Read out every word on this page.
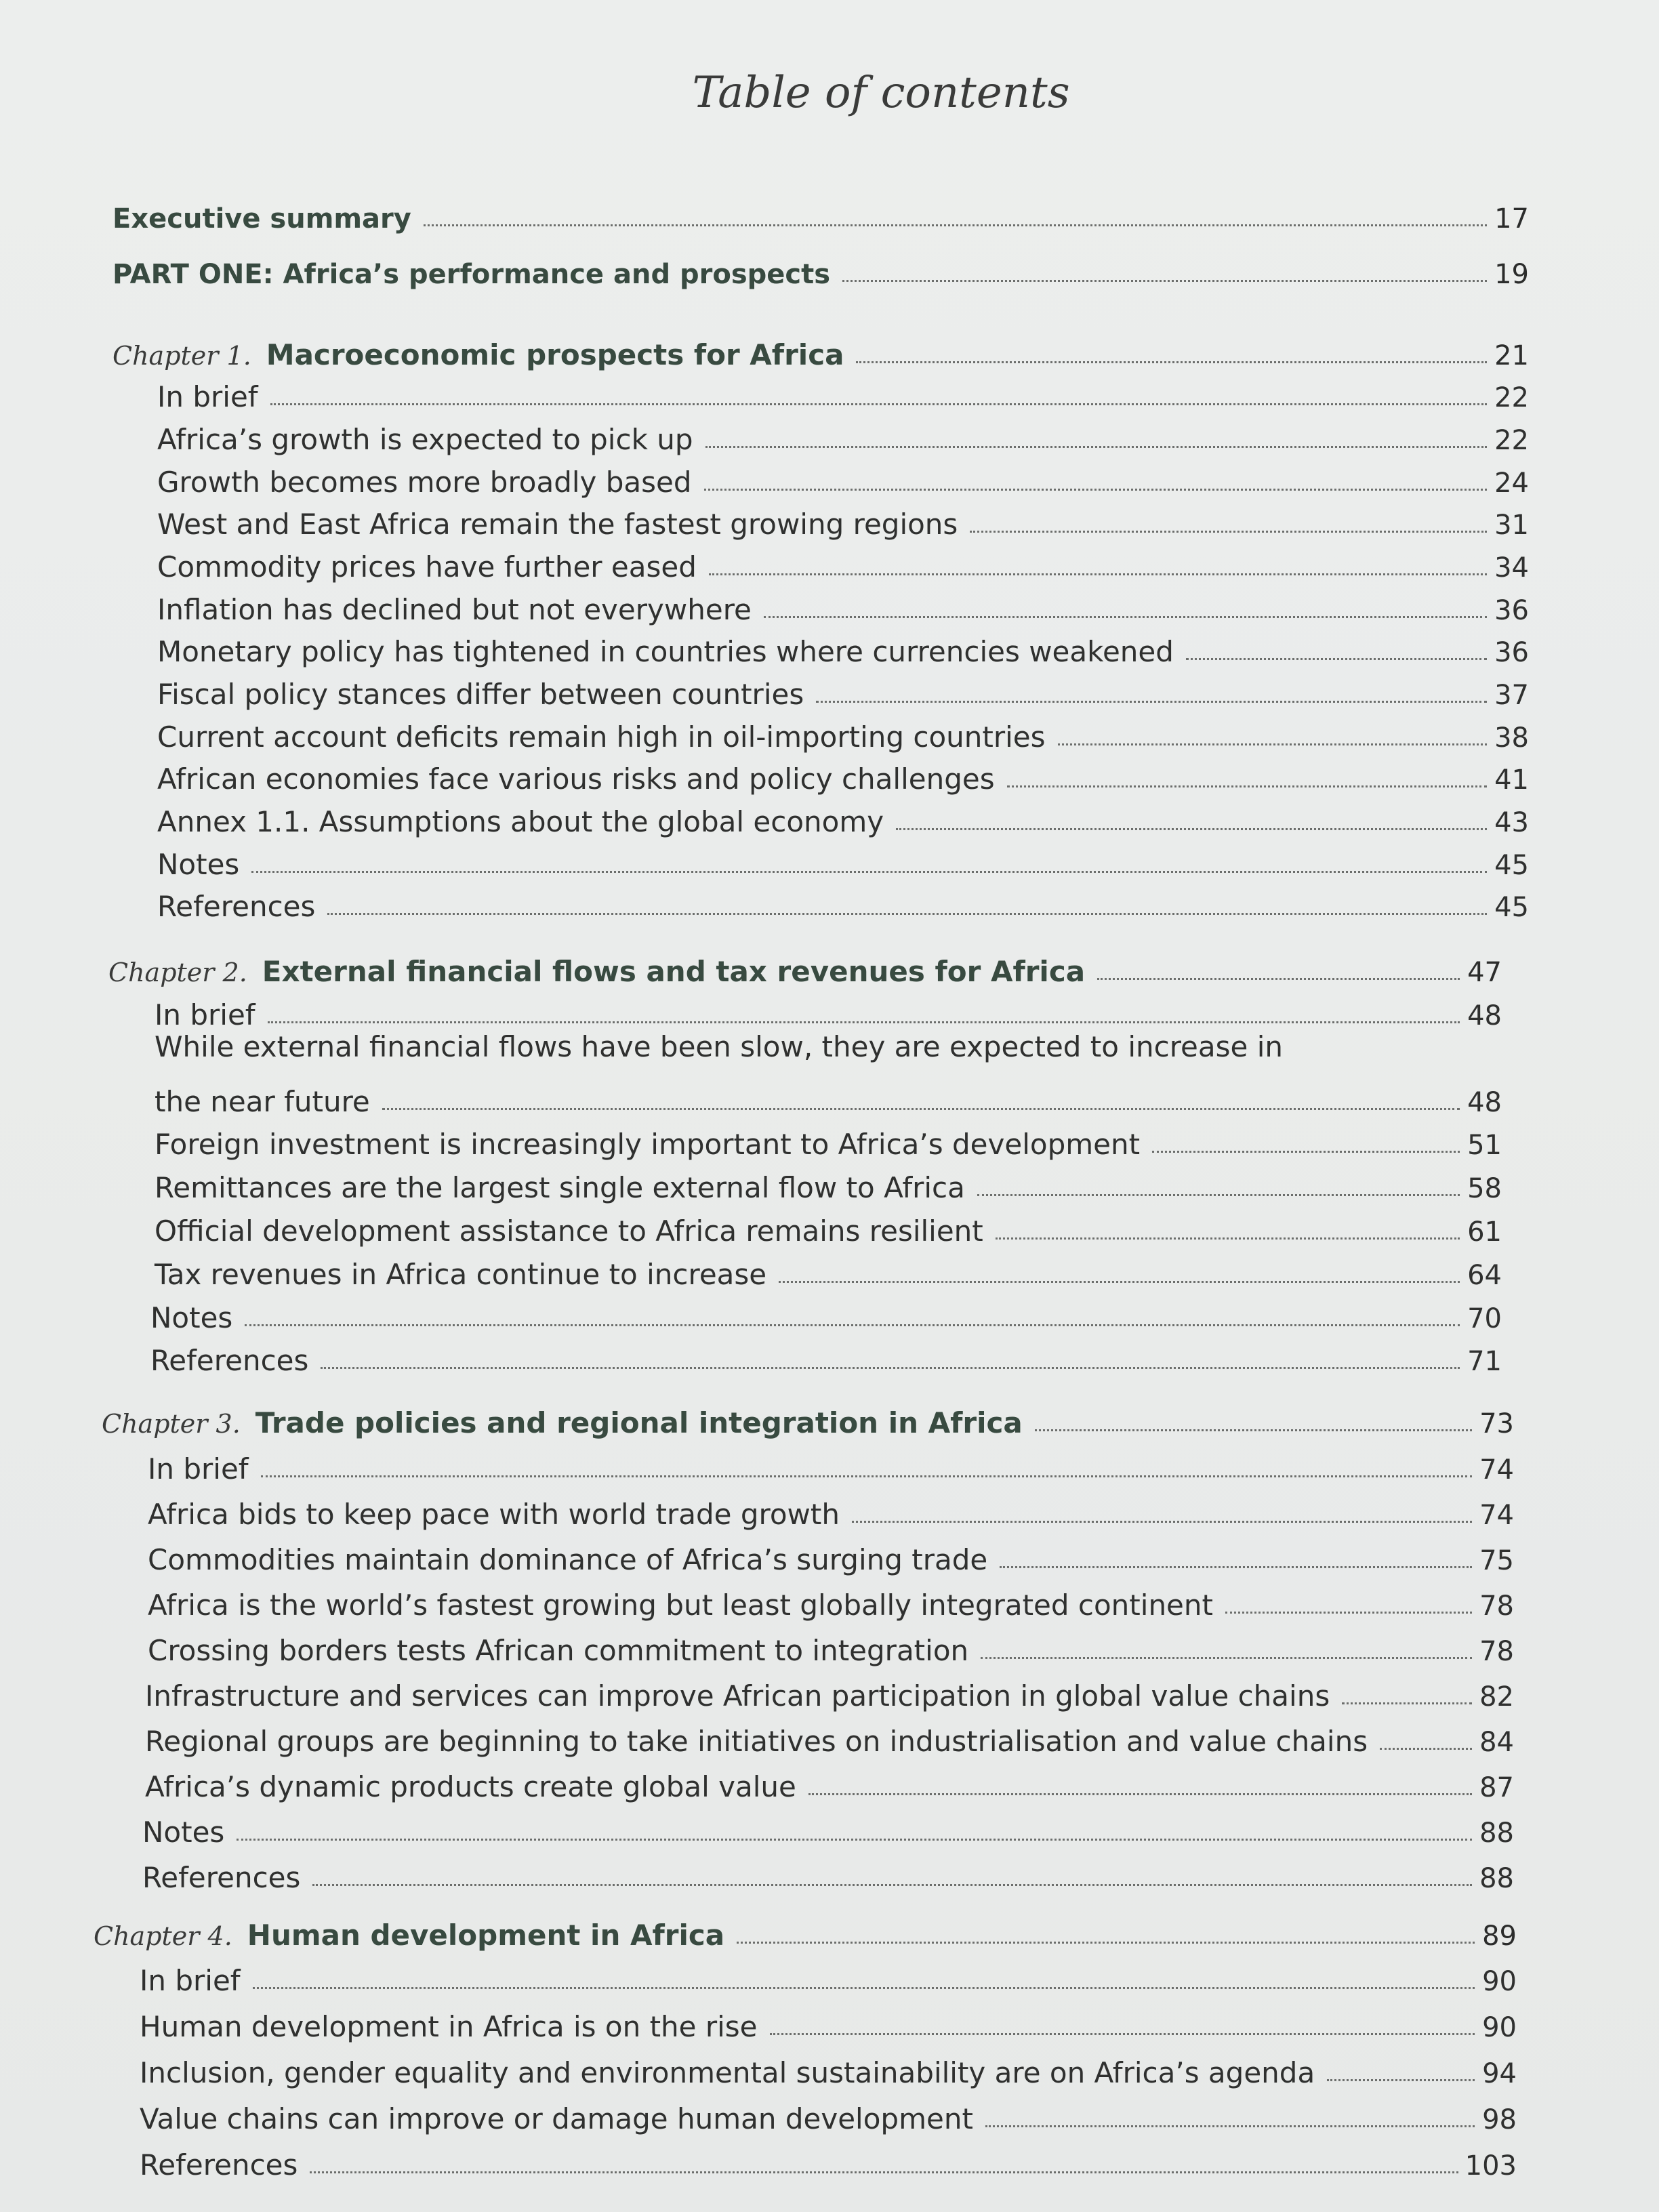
Table of contents
Executive summary	17
PART ONE: Africa’s performance and prospects	19
Chapter 1. Macroeconomic prospects for Africa	21
In brief	22
Africa’s growth is expected to pick up	22
Growth becomes more broadly based	24
West and East Africa remain the fastest growing regions	31
Commodity prices have further eased	34
Inflation has declined but not everywhere	36
Monetary policy has tightened in countries where currencies weakened	36
Fiscal policy stances differ between countries	37
Current account deficits remain high in oil-importing countries	38
African economies face various risks and policy challenges	41
Annex 1.1. Assumptions about the global economy	43
Notes	45
References	45
Chapter 2. External financial flows and tax revenues for Africa	47
In brief	48
While external financial flows have been slow, they are expected to increase in
the near future	48
Foreign investment is increasingly important to Africa’s development	51
Remittances are the largest single external flow to Africa	58
Official development assistance to Africa remains resilient	61
Tax revenues in Africa continue to increase	64
Notes	70
References	71
Chapter 3. Trade policies and regional integration in Africa	73
In brief	74
Africa bids to keep pace with world trade growth	74
Commodities maintain dominance of Africa’s surging trade	75
Africa is the world’s fastest growing but least globally integrated continent	78
Crossing borders tests African commitment to integration	78
Infrastructure and services can improve African participation in global value chains	82
Regional groups are beginning to take initiatives on industrialisation and value chains	84
Africa’s dynamic products create global value	87
Notes	88
References	88
Chapter 4. Human development in Africa	89
In brief	90
Human development in Africa is on the rise	90
Inclusion, gender equality and environmental sustainability are on Africa’s agenda	94
Value chains can improve or damage human development	98
References	103
